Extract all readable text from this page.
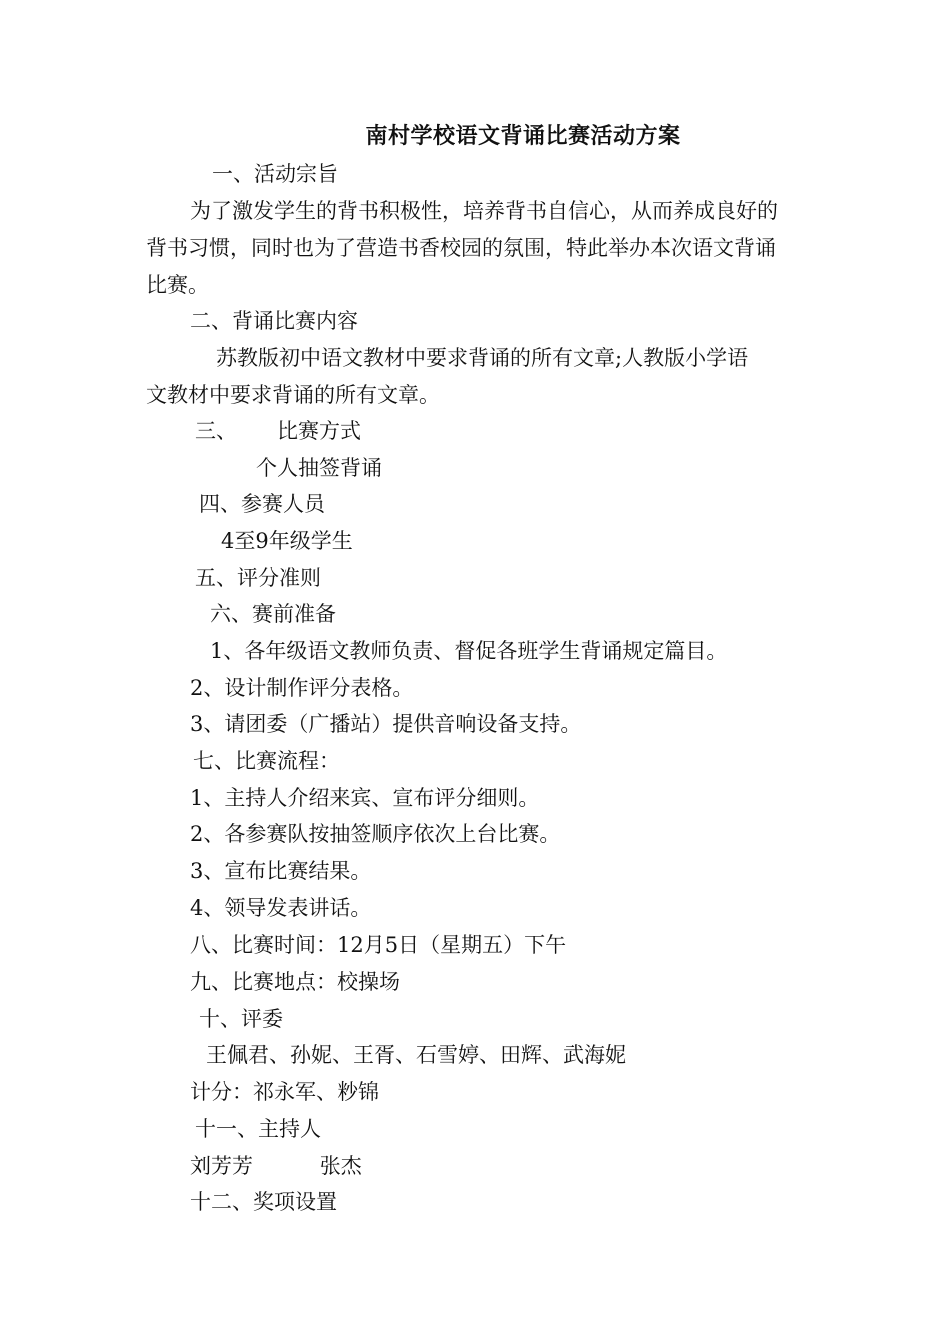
南村学校语文背诵比赛活动方案
一、活动宗旨
为了激发学生的背书积极性，培养背书自信心，从而养成良好的
背书习惯，同时也为了营造书香校园的氛围，特此举办本次语文背诵
比赛。
二、背诵比赛内容
苏教版初中语文教材中要求背诵的所有文章;人教版小学语
文教材中要求背诵的所有文章。
三、      比赛方式
个人抽签背诵
四、参赛人员
4至9年级学生
五、评分准则
六、赛前准备
1、各年级语文教师负责、督促各班学生背诵规定篇目。
2、设计制作评分表格。
3、请团委（广播站）提供音响设备支持。
七、比赛流程：
1、主持人介绍来宾、宣布评分细则。
2、各参赛队按抽签顺序依次上台比赛。
3、宣布比赛结果。
4、领导发表讲话。
八、比赛时间：12月5日（星期五）下午
九、比赛地点：校操场
十、评委
王佩君、孙妮、王胥、石雪婷、田辉、武海妮
计分：祁永军、粆锦
十一、主持人
刘芳芳          张杰
十二、奖项设置
